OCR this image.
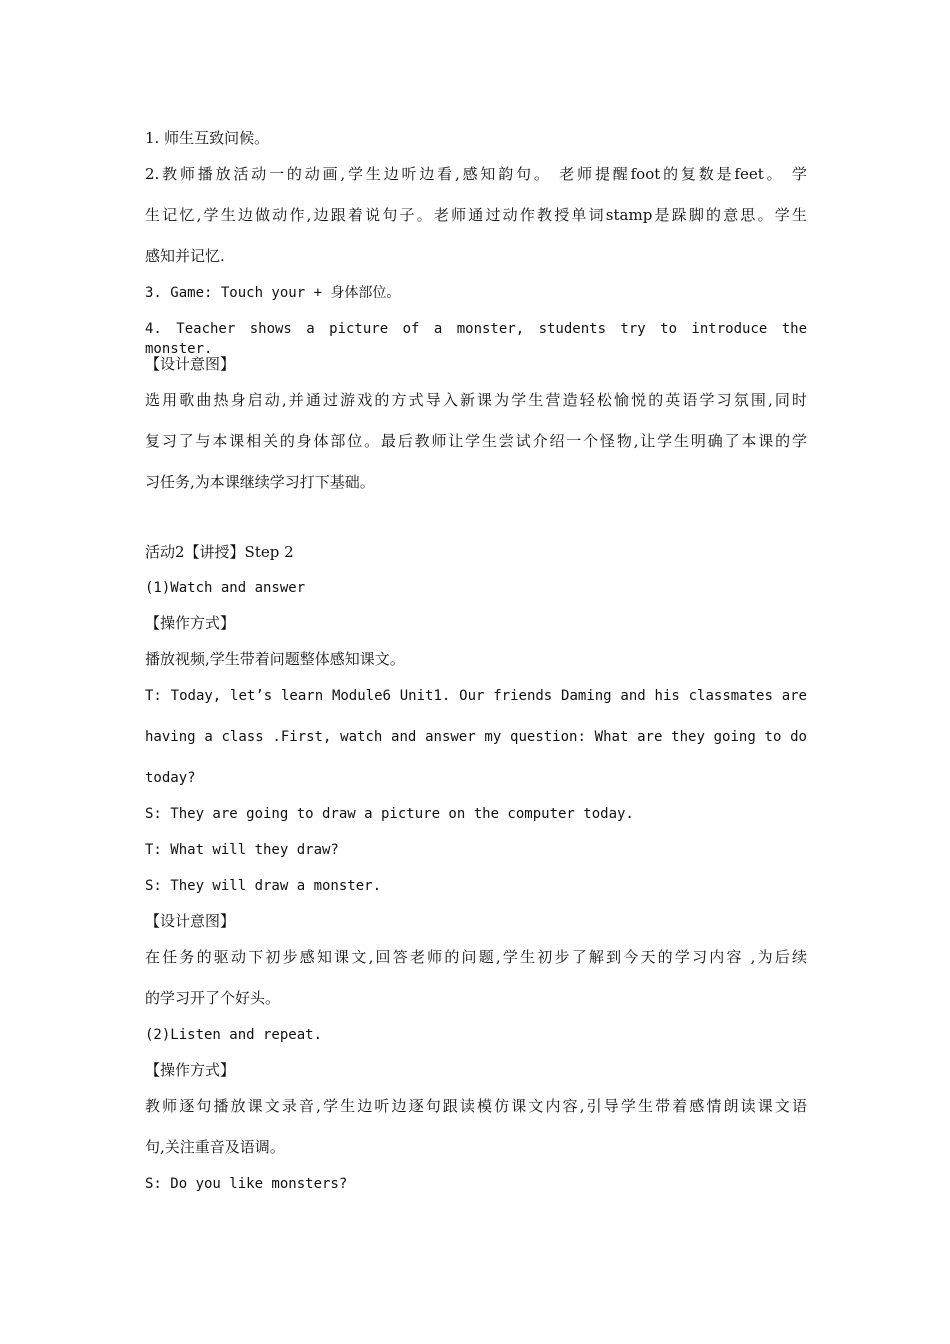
1. 师生互致问候。
2.教师播放活动一的动画,学生边听边看,感知韵句。 老师提醒foot的复数是feet。 学
生记忆,学生边做动作,边跟着说句子。老师通过动作教授单词stamp是跺脚的意思。学生
感知并记忆.
3. Game: Touch your + 身体部位。
4. Teacher shows a picture of a monster, students try to introduce the monster.
【设计意图】
选用歌曲热身启动,并通过游戏的方式导入新课为学生营造轻松愉悦的英语学习氛围,同时
复习了与本课相关的身体部位。最后教师让学生尝试介绍一个怪物,让学生明确了本课的学
习任务,为本课继续学习打下基础。
活动2【讲授】Step 2
(1)Watch and answer
【操作方式】
播放视频,学生带着问题整体感知课文。
T: Today, let’s learn Module6 Unit1. Our friends Daming and his classmates are
having a class .First, watch and answer my question: What are they going to do
today?
S: They are going to draw a picture on the computer today.
T: What will they draw?
S: They will draw a monster.
【设计意图】
在任务的驱动下初步感知课文,回答老师的问题,学生初步了解到今天的学习内容 ,为后续
的学习开了个好头。
(2)Listen and repeat.
【操作方式】
教师逐句播放课文录音,学生边听边逐句跟读模仿课文内容,引导学生带着感情朗读课文语
句,关注重音及语调。
S: Do you like monsters?
